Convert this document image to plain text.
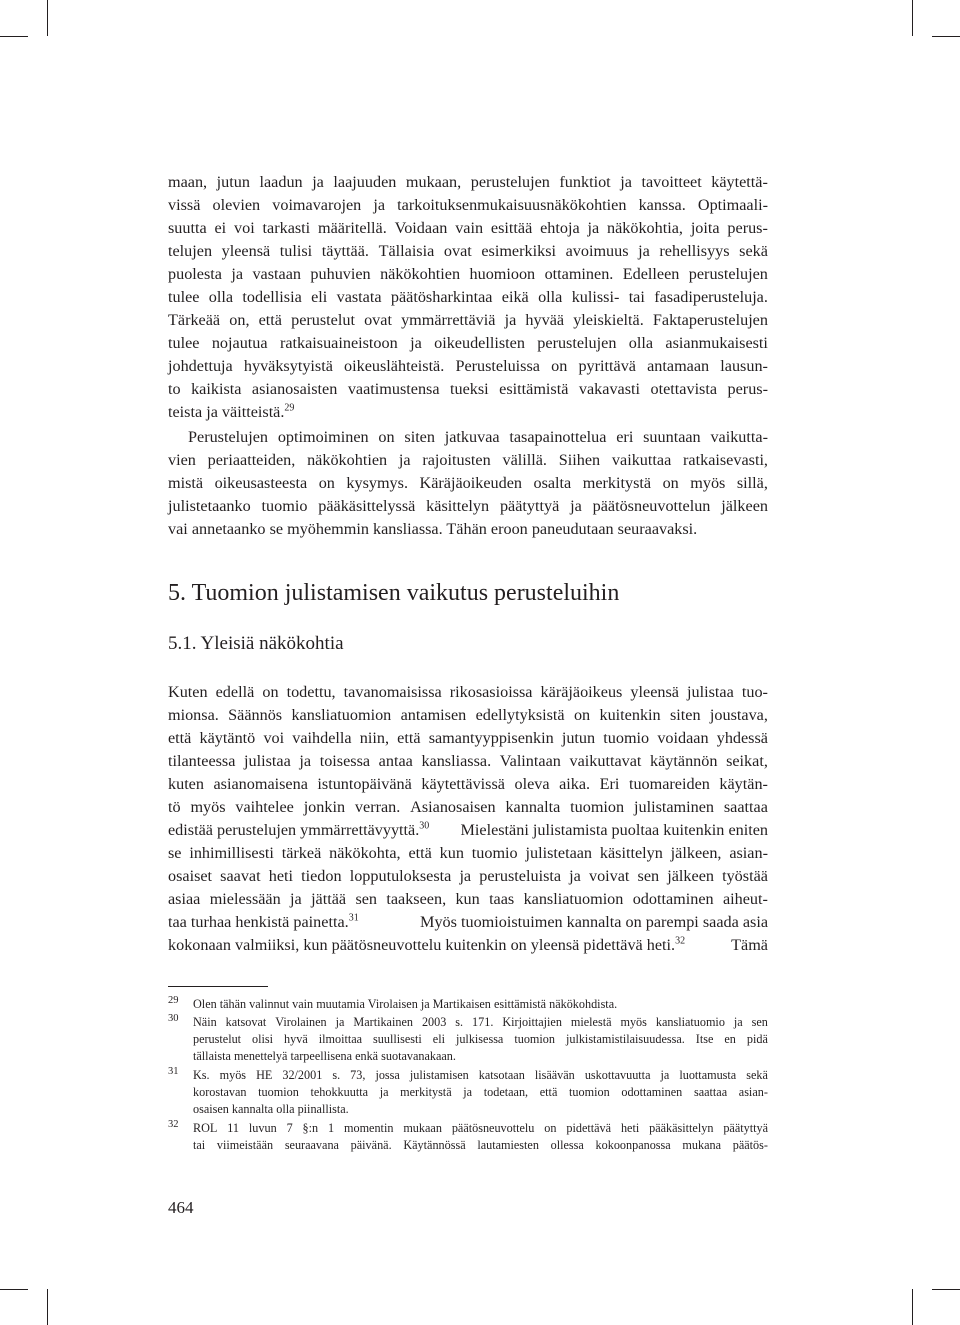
maan, jutun laadun ja laajuuden mukaan, perustelujen funktiot ja tavoitteet käytettä-
vissä olevien voimavarojen ja tarkoituksenmukaisuusnäkökohtien kanssa. Optimaali-
suutta ei voi tarkasti määritellä. Voidaan vain esittää ehtoja ja näkökohtia, joita perus-
telujen yleensä tulisi täyttää. Tällaisia ovat esimerkiksi avoimuus ja rehellisyys sekä
puolesta ja vastaan puhuvien näkökohtien huomioon ottaminen. Edelleen perustelujen
tulee olla todellisia eli vastata päätösharkintaa eikä olla kulissi- tai fasadiperusteluja.
Tärkeää on, että perustelut ovat ymmärrettäviä ja hyvää yleiskieltä. Faktaperustelujen
tulee nojautua ratkaisuaineistoon ja oikeudellisten perustelujen olla asianmukaisesti
johdettuja hyväksytyistä oikeuslähteistä. Perusteluissa on pyrittävä antamaan lausun-
to kaikista asianosaisten vaatimustensa tueksi esittämistä vakavasti otettavista perus-
teista ja väitteistä.$^{29}$
Perustelujen optimoiminen on siten jatkuvaa tasapainottelua eri suuntaan vaikutta-
vien periaatteiden, näkökohtien ja rajoitusten välillä. Siihen vaikuttaa ratkaisevasti,
mistä oikeusasteesta on kysymys. Käräjäoikeuden osalta merkitystä on myös sillä,
julistetaanko tuomio pääkäsittelyssä käsittelyn päätyttyä ja päätösneuvottelun jälkeen
vai annetaanko se myöhemmin kansliassa. Tähän eroon paneudutaan seuraavaksi.
5. Tuomion julistamisen vaikutus perusteluihin
5.1. Yleisiä näkökohtia
Kuten edellä on todettu, tavanomaisissa rikosasioissa käräjäoikeus yleensä julistaa tuo-
mionsa. Säännös kansliatuomion antamisen edellytyksistä on kuitenkin siten joustava,
että käytäntö voi vaihdella niin, että samantyyppisenkin jutun tuomio voidaan yhdessä
tilanteessa julistaa ja toisessa antaa kansliassa. Valintaan vaikuttavat käytännön seikat,
kuten asianomaisena istuntopäivänä käytettävissä oleva aika. Eri tuomareiden käytän-
tö myös vaihtelee jonkin verran. Asianosaisen kannalta tuomion julistaminen saattaa
edistää perustelujen ymmärrettävyyttä.$^{30}$ Mielestäni julistamista puoltaa kuitenkin eniten
se inhimillisesti tärkeä näkökohta, että kun tuomio julistetaan käsittelyn jälkeen, asian-
osaiset saavat heti tiedon lopputuloksesta ja perusteluista ja voivat sen jälkeen työstää
asiaa mielessään ja jättää sen taakseen, kun taas kansliatuomion odottaminen aiheut-
taa turhaa henkistä painetta.$^{31}$	Myös tuomioistuimen kannalta on parempi saada asia
kokonaan valmiiksi, kun päätösneuvottelu kuitenkin on yleensä pidettävä heti.$^{32}$	Tämä
29 Olen tähän valinnut vain muutamia Virolaisen ja Martikaisen esittämistä näkökohdista.
30 Näin katsovat Virolainen ja Martikainen 2003 s. 171. Kirjoittajien mielestä myös kansliatuomio ja sen
perustelut olisi hyvä ilmoittaa suullisesti eli julkisessa tuomion julkistamistilaisuudessa. Itse en pidä
tällaista menettelyä tarpeellisena enkä suotavanakaan.
31 Ks. myös HE 32/2001 s. 73, jossa julistamisen katsotaan lisäävän uskottavuutta ja luottamusta sekä
korostavan tuomion tehokkuutta ja merkitystä ja todetaan, että tuomion odottaminen saattaa asian-
osaisen kannalta olla piinallista.
32 ROL 11 luvun 7 §:n 1 momentin mukaan päätösneuvottelu on pidettävä heti pääkäsittelyn päätyttyä
tai viimeistään seuraavana päivänä. Käytännössä lautamiesten ollessa kokoonpanossa mukana päätös-
464
